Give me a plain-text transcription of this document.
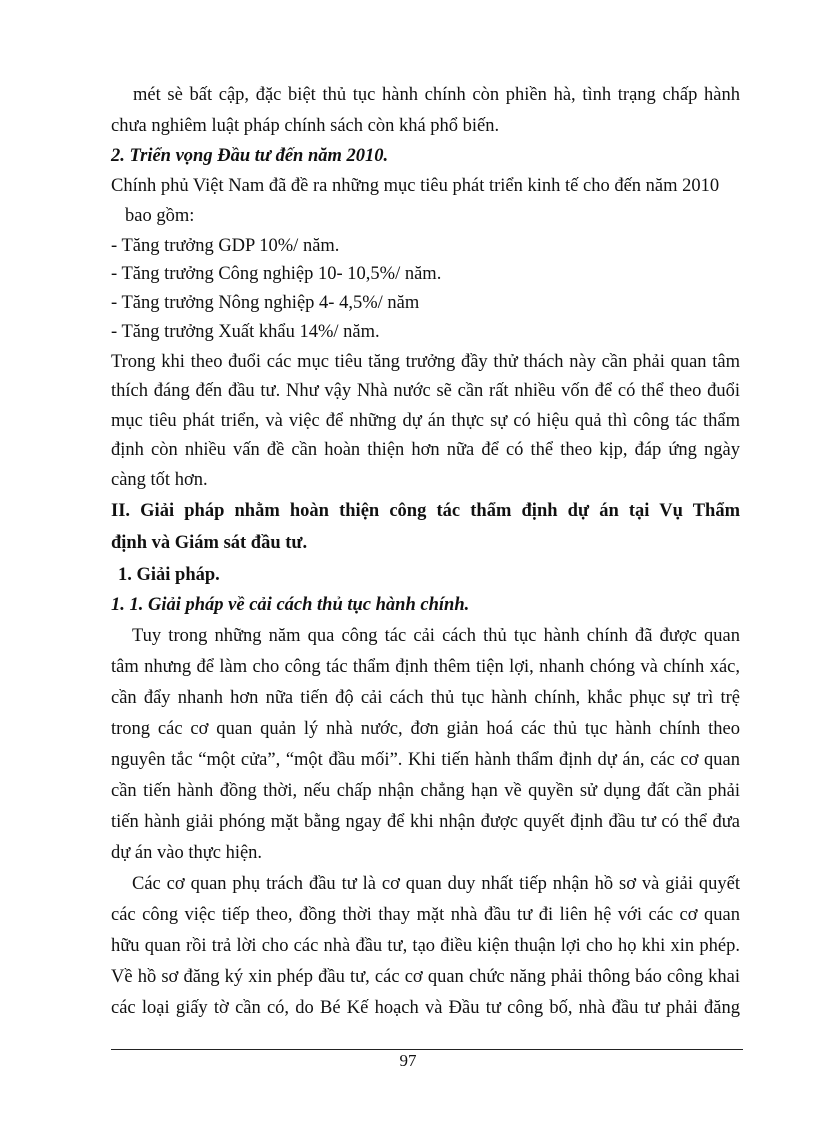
mét sè bất cập, đặc biệt thủ tục hành chính còn phiền hà, tình trạng chấp hành
chưa nghiêm luật pháp chính sách còn khá phổ biến.
2. Triển vọng Đầu tư đến năm 2010.
Chính phủ Việt Nam đã đề ra những mục tiêu phát triển kinh tế cho đến năm 2010
bao gồm:
- Tăng trưởng GDP 10%/ năm.
- Tăng trưởng Công nghiệp 10- 10,5%/ năm.
- Tăng trưởng Nông nghiệp 4- 4,5%/ năm
- Tăng trưởng Xuất khẩu 14%/ năm.
Trong khi theo đuổi các mục tiêu tăng trưởng đầy thử thách này cần phải quan tâm
thích đáng đến đầu tư. Như vậy Nhà nước sẽ cần rất nhiều vốn để có thể theo đuổi
mục tiêu phát triển, và việc để những dự án thực sự có hiệu quả thì công tác thẩm
định còn nhiều vấn đề cần hoàn thiện hơn nữa để có thể theo kịp, đáp ứng ngày
càng tốt hơn.
II. Giải pháp nhằm hoàn thiện công tác thẩm định dự án tại Vụ Thẩm
định và Giám sát đầu tư.
1. Giải pháp.
1. 1. Giải pháp về cải cách thủ tục hành chính.
Tuy trong những năm qua công tác cải cách thủ tục hành chính đã được quan
tâm nhưng để làm cho công tác thẩm định thêm tiện lợi, nhanh chóng và chính xác,
cần đẩy nhanh hơn nữa tiến độ cải cách thủ tục hành chính, khắc phục sự trì trệ
trong các cơ quan quản lý nhà nước, đơn giản hoá các thủ tục hành chính theo
nguyên tắc “một cửa”, “một đầu mối”. Khi tiến hành thẩm định dự án, các cơ quan
cần tiến hành đồng thời, nếu chấp nhận chẳng hạn về quyền sử dụng đất cần phải
tiến hành giải phóng mặt bằng ngay để khi nhận được quyết định đầu tư có thể đưa
dự án vào thực hiện.
Các cơ quan phụ trách đầu tư là cơ quan duy nhất tiếp nhận hồ sơ và giải quyết
các công việc tiếp theo, đồng thời thay mặt nhà đầu tư đi liên hệ với các cơ quan
hữu quan rồi trả lời cho các nhà đầu tư, tạo điều kiện thuận lợi cho họ khi xin phép.
Về hồ sơ đăng ký xin phép đầu tư, các cơ quan chức năng phải thông báo công khai
các loại giấy tờ cần có, do Bé Kế hoạch và Đầu tư công bố, nhà đầu tư phải đăng
97
